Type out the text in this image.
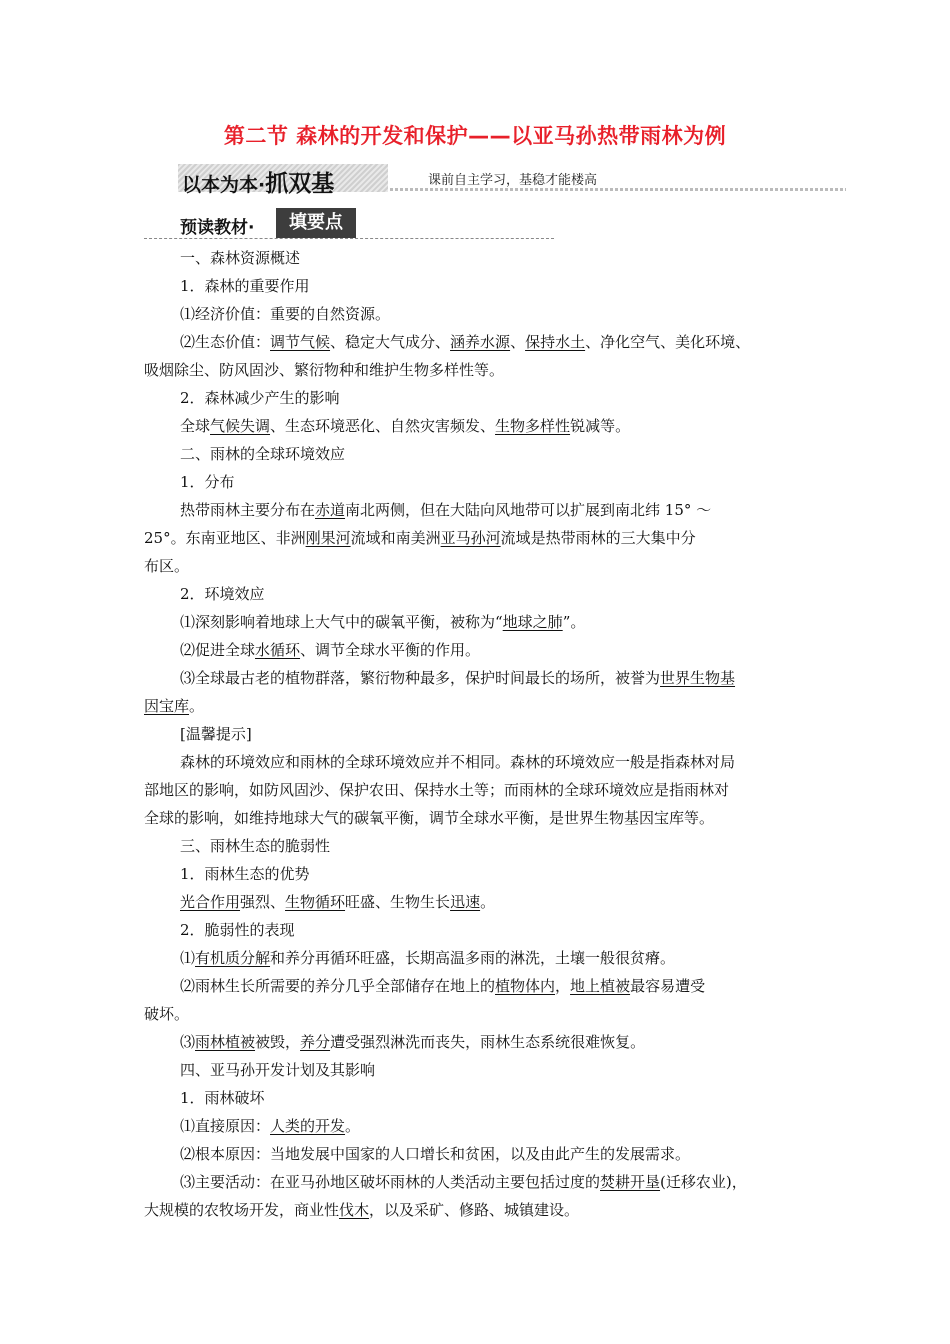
第二节 森林的开发和保护——以亚马孙热带雨林为例
以本为本·抓双基	课前自主学习，基稳才能楼高
预读教材·	填要点
一、森林资源概述
1．森林的重要作用
⑴经济价值：重要的自然资源。
⑵生态价值：调节气候、稳定大气成分、涵养水源、保持水土、净化空气、美化环境、
吸烟除尘、防风固沙、繁衍物种和维护生物多样性等。
2．森林减少产生的影响
全球气候失调、生态环境恶化、自然灾害频发、生物多样性锐减等。
二、雨林的全球环境效应
1．分布
热带雨林主要分布在赤道南北两侧，但在大陆向风地带可以扩展到南北纬 15° ～
25°。东南亚地区、非洲刚果河流域和南美洲亚马孙河流域是热带雨林的三大集中分
布区。
2．环境效应
⑴深刻影响着地球上大气中的碳氧平衡，被称为“地球之肺”。
⑵促进全球水循环、调节全球水平衡的作用。
⑶全球最古老的植物群落，繁衍物种最多，保护时间最长的场所，被誉为世界生物基
因宝库。
[温馨提示]
森林的环境效应和雨林的全球环境效应并不相同。森林的环境效应一般是指森林对局
部地区的影响，如防风固沙、保护农田、保持水土等；而雨林的全球环境效应是指雨林对
全球的影响，如维持地球大气的碳氧平衡，调节全球水平衡，是世界生物基因宝库等。
三、雨林生态的脆弱性
1．雨林生态的优势
光合作用强烈、生物循环旺盛、生物生长迅速。
2．脆弱性的表现
⑴有机质分解和养分再循环旺盛，长期高温多雨的淋洗，土壤一般很贫瘠。
⑵雨林生长所需要的养分几乎全部储存在地上的植物体内，地上植被最容易遭受
破坏。
⑶雨林植被被毁，养分遭受强烈淋洗而丧失，雨林生态系统很难恢复。
四、亚马孙开发计划及其影响
1．雨林破坏
⑴直接原因：人类的开发。
⑵根本原因：当地发展中国家的人口增长和贫困，以及由此产生的发展需求。
⑶主要活动：在亚马孙地区破坏雨林的人类活动主要包括过度的焚耕开垦(迁移农业)，
大规模的农牧场开发，商业性伐木，以及采矿、修路、城镇建设。
